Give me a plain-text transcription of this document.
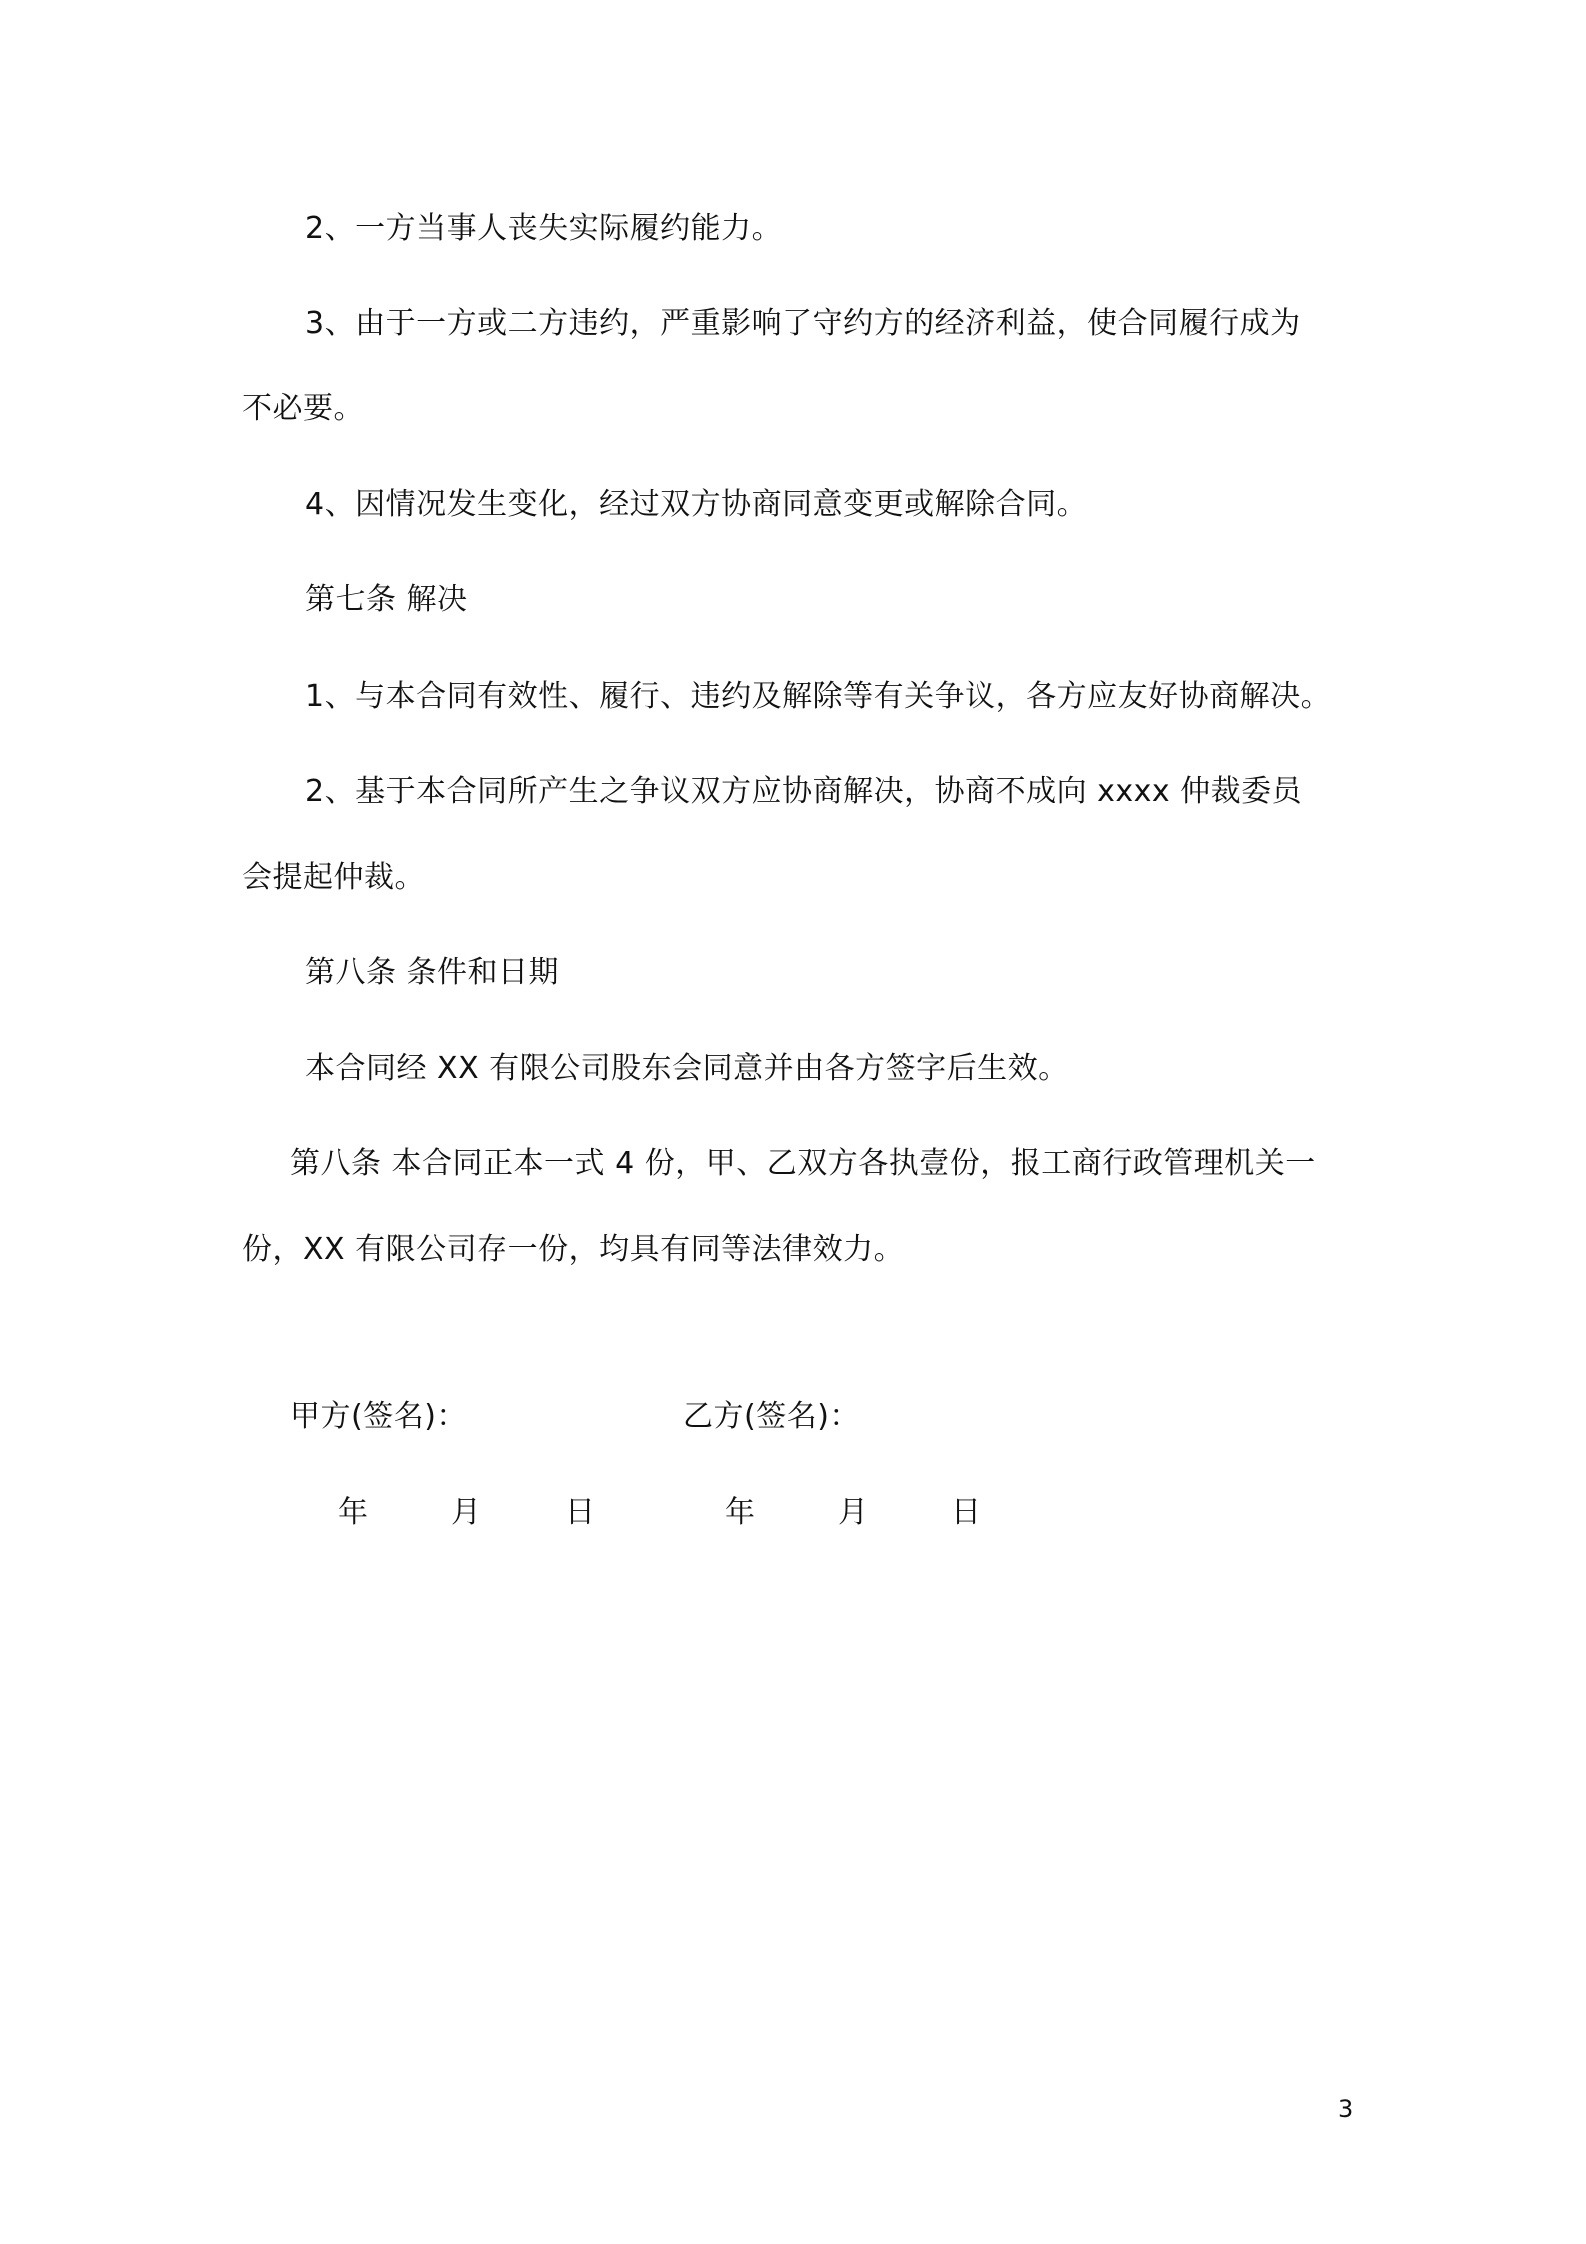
2、一方当事人丧失实际履约能力。
3、由于一方或二方违约，严重影响了守约方的经济利益，使合同履行成为
不必要。
4、因情况发生变化，经过双方协商同意变更或解除合同。
第七条 解决
1、与本合同有效性、履行、违约及解除等有关争议，各方应友好协商解决。
2、基于本合同所产生之争议双方应协商解决，协商不成向 xxxx 仲裁委员
会提起仲裁。
第八条 条件和日期
本合同经 XX 有限公司股东会同意并由各方签字后生效。
第八条 本合同正本一式 4 份，甲、乙双方各执壹份，报工商行政管理机关一
份，XX 有限公司存一份，均具有同等法律效力。
甲方(签名)：	乙方(签名)：
年	月	日	年	月	日
3
